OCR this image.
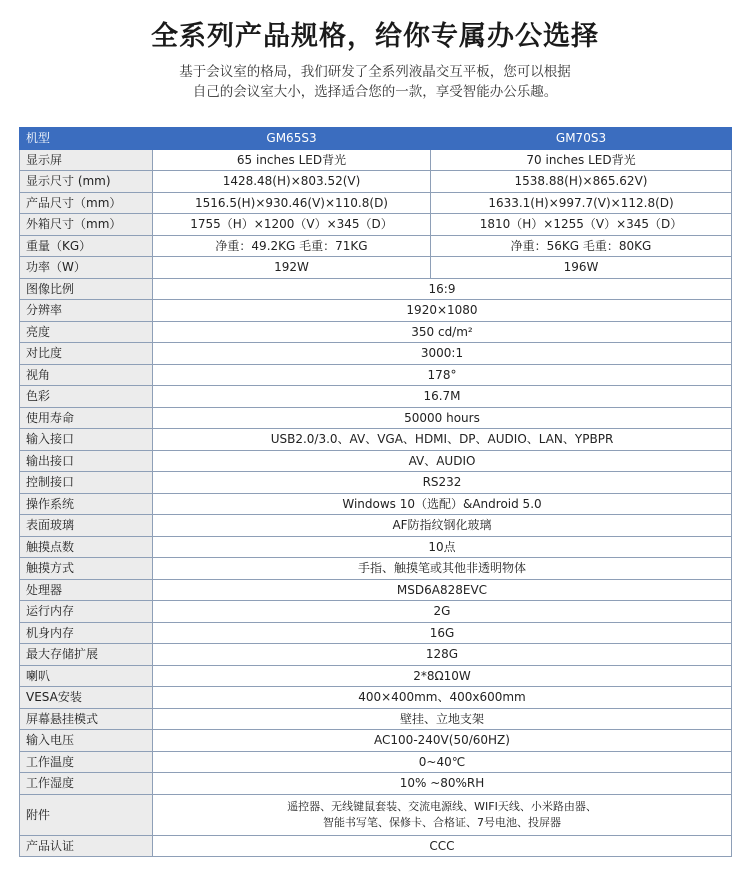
全系列产品规格，给你专属办公选择
基于会议室的格局，我们研发了全系列液晶交互平板，您可以根据
自己的会议室大小，选择适合您的一款，享受智能办公乐趣。
机型	GM65S3	GM70S3
显示屏	65 inches LED背光	70 inches LED背光
显示尺寸 (mm)	1428.48(H)×803.52(V)	1538.88(H)×865.62V)
产品尺寸（mm）	1516.5(H)×930.46(V)×110.8(D)	1633.1(H)×997.7(V)×112.8(D)
外箱尺寸（mm）	1755（H）×1200（V）×345（D）	1810（H）×1255（V）×345（D）
重量（KG）	净重：49.2KG 毛重：71KG	净重：56KG 毛重：80KG
功率（W）	192W	196W
图像比例	16:9	
分辨率	1920×1080	
亮度	350 cd/m²	
对比度	3000:1	
视角	178°	
色彩	16.7M	
使用寿命	50000 hours	
输入接口	USB2.0/3.0、AV、VGA、HDMI、DP、AUDIO、LAN、YPBPR	
输出接口	AV、AUDIO	
控制接口	RS232	
操作系统	Windows 10（选配）&Android 5.0	
表面玻璃	AF防指纹钢化玻璃	
触摸点数	10点	
触摸方式	手指、触摸笔或其他非透明物体	
处理器	MSD6A828EVC	
运行内存	2G	
机身内存	16G	
最大存储扩展	128G	
喇叭	2*8Ω10W	
VESA安装	400×400mm、400x600mm	
屏幕悬挂模式	壁挂、立地支架	
输入电压	AC100-240V(50/60HZ)	
工作温度	0~40℃	
工作湿度	10% ~80%RH	
附件	遥控器、无线键鼠套装、交流电源线、WIFI天线、小米路由器、
智能书写笔、保修卡、合格证、7号电池、投屏器	

产品认证	CCC	
